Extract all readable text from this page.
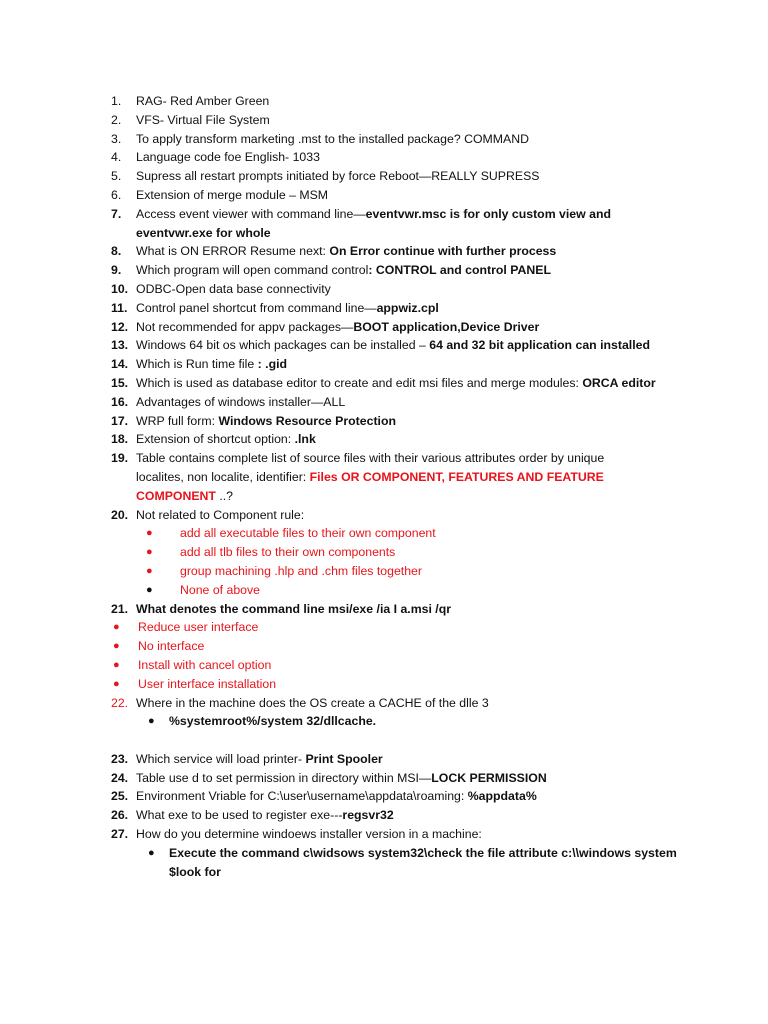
1. RAG- Red Amber Green
2. VFS- Virtual File System
3. To apply transform marketing .mst to the installed package? COMMAND
4. Language code foe English- 1033
5. Supress all restart prompts initiated by force Reboot—REALLY SUPRESS
6. Extension of merge module – MSM
7. Access event viewer with command line—eventvwr.msc is for only custom view and
eventvwr.exe for whole
8. What is ON ERROR Resume next: On Error continue with further process
9. Which program will open command control: CONTROL and control PANEL
10. ODBC-Open data base connectivity
11. Control panel shortcut from command line—appwiz.cpl
12. Not recommended for appv packages—BOOT application,Device Driver
13. Windows 64 bit os which packages can be installed – 64 and 32 bit application can installed
14. Which is Run time file : .gid
15. Which is used as database editor to create and edit msi files and merge modules: ORCA editor
16. Advantages of windows installer—ALL
17. WRP full form: Windows Resource Protection
18. Extension of shortcut option: .lnk
19. Table contains complete list of source files with their various attributes order by unique
localites, non localite, identifier: Files OR COMPONENT, FEATURES AND FEATURE
COMPONENT ..?
20. Not related to Component rule:
● add all executable files to their own component
● add all tlb files to their own components
● group machining .hlp and .chm files together
● None of above
21. What denotes the command line msi/exe /ia I a.msi /qr
● Reduce user interface
● No interface
● Install with cancel option
● User interface installation
22. Where in the machine does the OS create a CACHE of the dlle 3
● %systemroot%/system 32/dllcache.
23. Which service will load printer- Print Spooler
24. Table use d to set permission in directory within MSI—LOCK PERMISSION
25. Environment Vriable for C:\user\username\appdata\roaming: %appdata%
26. What exe to be used to register exe---regsvr32
27. How do you determine windoews installer version in a machine:
● Execute the command c\widsows system32\check the file attribute c:\\windows system
$look for
